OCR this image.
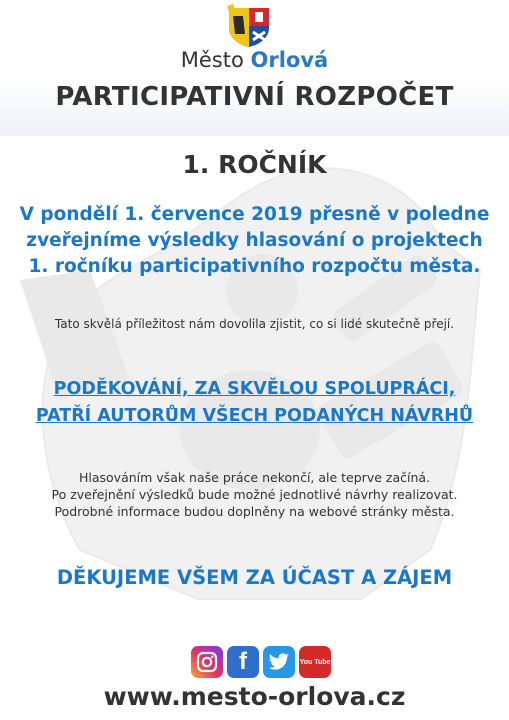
Město Orlová
PARTICIPATIVNÍ ROZPOČET
1. ROČNÍK
V pondělí 1. července 2019 přesně v poledne
zveřejníme výsledky hlasování o projektech
1. ročníku participativního rozpočtu města.
Tato skvělá příležitost nám dovolila zjistit, co si lidé skutečně přejí.
PODĚKOVÁNÍ, ZA SKVĚLOU SPOLUPRÁCI,
PATŘÍ AUTORŮM VŠECH PODANÝCH NÁVRHŮ
Hlasováním však naše práce nekončí, ale teprve začíná.
Po zveřejnění výsledků bude možné jednotlivé návrhy realizovat.
Podrobné informace budou doplněny na webové stránky města.
DĚKUJEME VŠEM ZA ÚČAST A ZÁJEM
f	You Tube
www.mesto-orlova.cz
